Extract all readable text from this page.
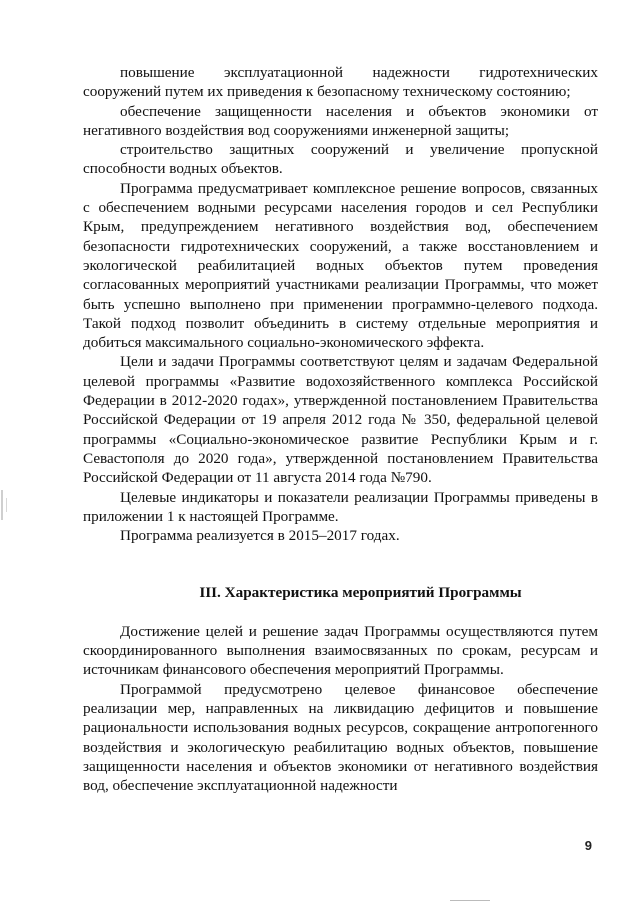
повышение эксплуатационной надежности гидротехнических сооружений путем их приведения к безопасному техническому состоянию;

обеспечение защищенности населения и объектов экономики от негативного воздействия вод сооружениями инженерной защиты;

строительство защитных сооружений и увеличение пропускной способности водных объектов.

Программа предусматривает комплексное решение вопросов, связанных с обеспечением водными ресурсами населения городов и сел Республики Крым, предупреждением негативного воздействия вод, обеспечением безопасности гидротехнических сооружений, а также восстановлением и экологической реабилитацией водных объектов путем проведения согласованных мероприятий участниками реализации Программы, что может быть успешно выполнено при применении программно-целевого подхода. Такой подход позволит объединить в систему отдельные мероприятия и добиться максимального социально-экономического эффекта.

Цели и задачи Программы соответствуют целям и задачам Федеральной целевой программы «Развитие водохозяйственного комплекса Российской Федерации в 2012-2020 годах», утвержденной постановлением Правительства Российской Федерации от 19 апреля 2012 года № 350, федеральной целевой программы «Социально-экономическое развитие Республики Крым и г. Севастополя до 2020 года», утвержденной постановлением Правительства Российской Федерации от 11 августа 2014 года №790.

Целевые индикаторы и показатели реализации Программы приведены в приложении 1 к настоящей Программе.

Программа реализуется в 2015–2017 годах.

III. Характеристика мероприятий Программы

Достижение целей и решение задач Программы осуществляются путем скоординированного выполнения взаимосвязанных по срокам, ресурсам и источникам финансового обеспечения мероприятий Программы.

Программой предусмотрено целевое финансовое обеспечение реализации мер, направленных на ликвидацию дефицитов и повышение рациональности использования водных ресурсов, сокращение антропогенного воздействия и экологическую реабилитацию водных объектов, повышение защищенности населения и объектов экономики от негативного воздействия вод, обеспечение эксплуатационной надежности

9
